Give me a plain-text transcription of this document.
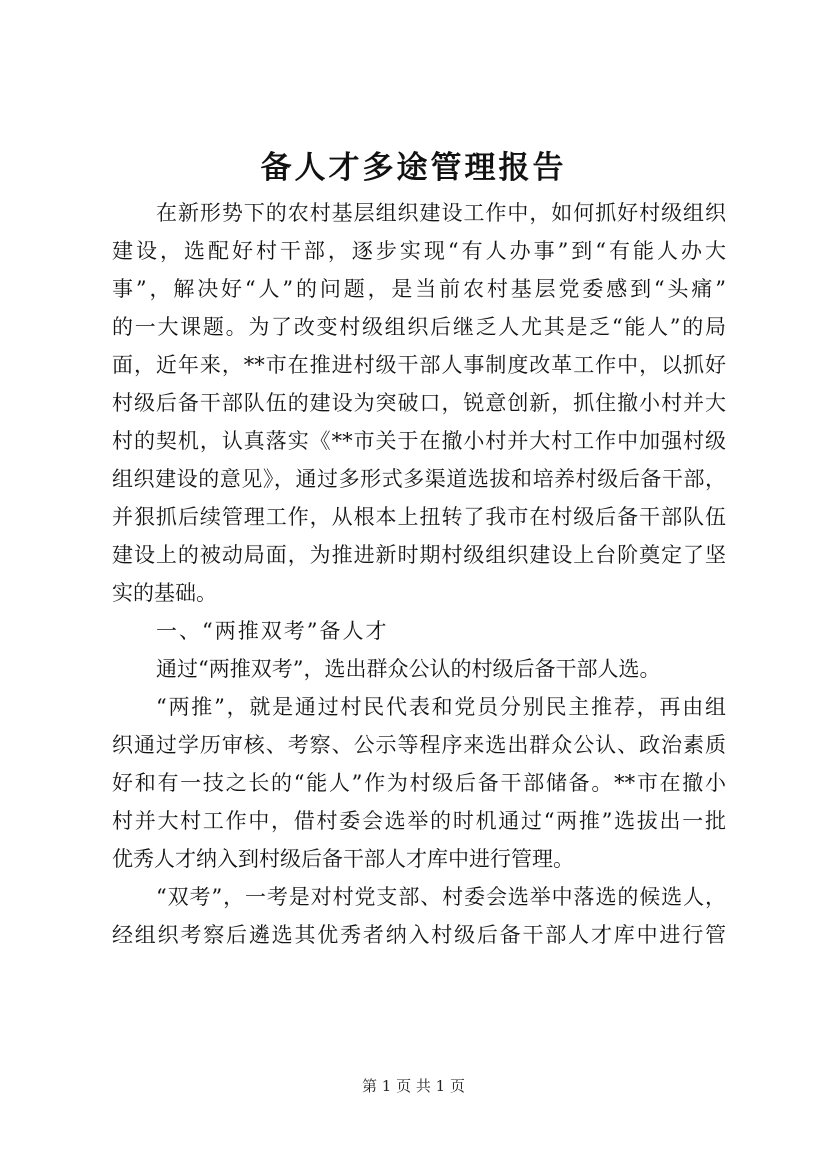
备人才多途管理报告
在新形势下的农村基层组织建设工作中，如何抓好村级组织
建设，选配好村干部，逐步实现“有人办事”到“有能人办大
事”，解决好“人”的问题，是当前农村基层党委感到“头痛”
的一大课题。为了改变村级组织后继乏人尤其是乏“能人”的局
面，近年来，**市在推进村级干部人事制度改革工作中，以抓好
村级后备干部队伍的建设为突破口，锐意创新，抓住撤小村并大
村的契机，认真落实《**市关于在撤小村并大村工作中加强村级
组织建设的意见》，通过多形式多渠道选拔和培养村级后备干部，
并狠抓后续管理工作，从根本上扭转了我市在村级后备干部队伍
建设上的被动局面，为推进新时期村级组织建设上台阶奠定了坚
实的基础。
一、“两推双考”备人才
通过“两推双考”，选出群众公认的村级后备干部人选。
“两推”，就是通过村民代表和党员分别民主推荐，再由组
织通过学历审核、考察、公示等程序来选出群众公认、政治素质
好和有一技之长的“能人”作为村级后备干部储备。**市在撤小
村并大村工作中，借村委会选举的时机通过“两推”选拔出一批
优秀人才纳入到村级后备干部人才库中进行管理。
“双考”，一考是对村党支部、村委会选举中落选的候选人，
经组织考察后遴选其优秀者纳入村级后备干部人才库中进行管
第 1 页 共 1 页
